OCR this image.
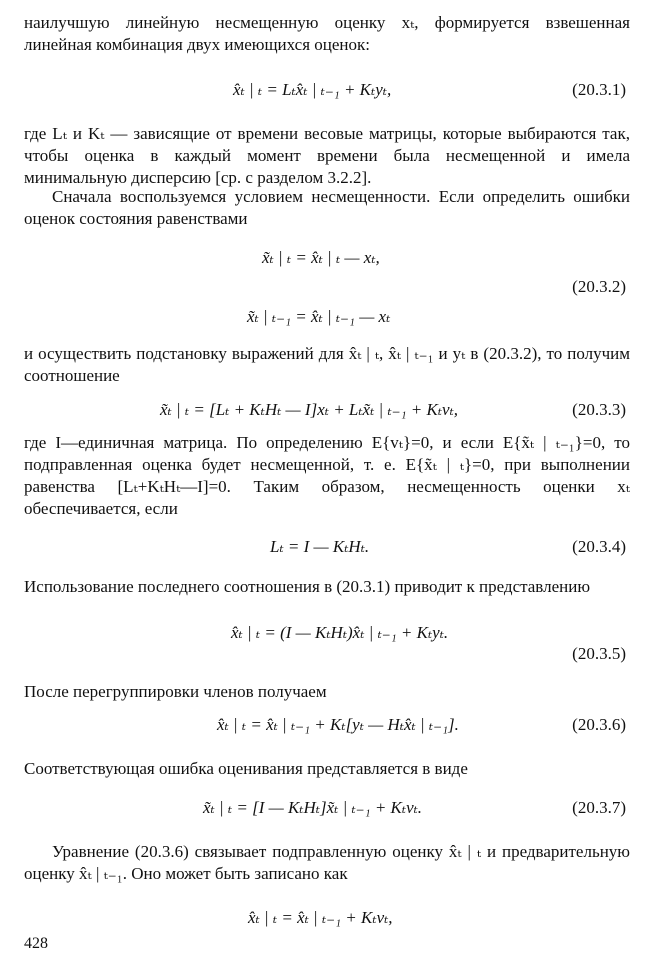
наилучшую линейную несмещенную оценку xₜ, формируется взвешенная линейная комбинация двух имеющихся оценок:

x̂ₜ | ₜ = Lₜx̂ₜ | ₜ₋₁ + Kₜyₜ,	(20.3.1)

где Lₜ и Kₜ — зависящие от времени весовые матрицы, которые выбираются так, чтобы оценка в каждый момент времени была несмещенной и имела минимальную дисперсию [ср. с разделом 3.2.2].

Сначала воспользуемся условием несмещенности. Если определить ошибки оценок состояния равенствами

x̃ₜ | ₜ = x̂ₜ | ₜ — xₜ,
(20.3.2)
x̃ₜ | ₜ₋₁ = x̂ₜ | ₜ₋₁ — xₜ

и осуществить подстановку выражений для x̂ₜ | ₜ, x̂ₜ | ₜ₋₁ и yₜ в (20.3.2), то получим соотношение

x̃ₜ | ₜ = [Lₜ + KₜHₜ — I]xₜ + Lₜx̃ₜ | ₜ₋₁ + Kₜvₜ,	(20.3.3)

где I—единичная матрица. По определению E{vₜ}=0, и если E{x̃ₜ | ₜ₋₁}=0, то подправленная оценка будет несмещенной, т. е. E{x̃ₜ | ₜ}=0, при выполнении равенства [Lₜ+KₜHₜ—I]=0. Таким образом, несмещенность оценки xₜ обеспечивается, если

Lₜ = I — KₜHₜ.	(20.3.4)

Использование последнего соотношения в (20.3.1) приводит к представлению

x̂ₜ | ₜ = (I — KₜHₜ)x̂ₜ | ₜ₋₁ + Kₜyₜ.
(20.3.5)

После перегруппировки членов получаем

x̂ₜ | ₜ = x̂ₜ | ₜ₋₁ + Kₜ[yₜ — Hₜx̂ₜ | ₜ₋₁].	(20.3.6)

Соответствующая ошибка оценивания представляется в виде

x̃ₜ | ₜ = [I — KₜHₜ]x̃ₜ | ₜ₋₁ + Kₜvₜ.	(20.3.7)

Уравнение (20.3.6) связывает подправленную оценку x̂ₜ | ₜ и предварительную оценку x̂ₜ | ₜ₋₁. Оно может быть записано как

x̂ₜ | ₜ = x̂ₜ | ₜ₋₁ + Kₜvₜ,
428
